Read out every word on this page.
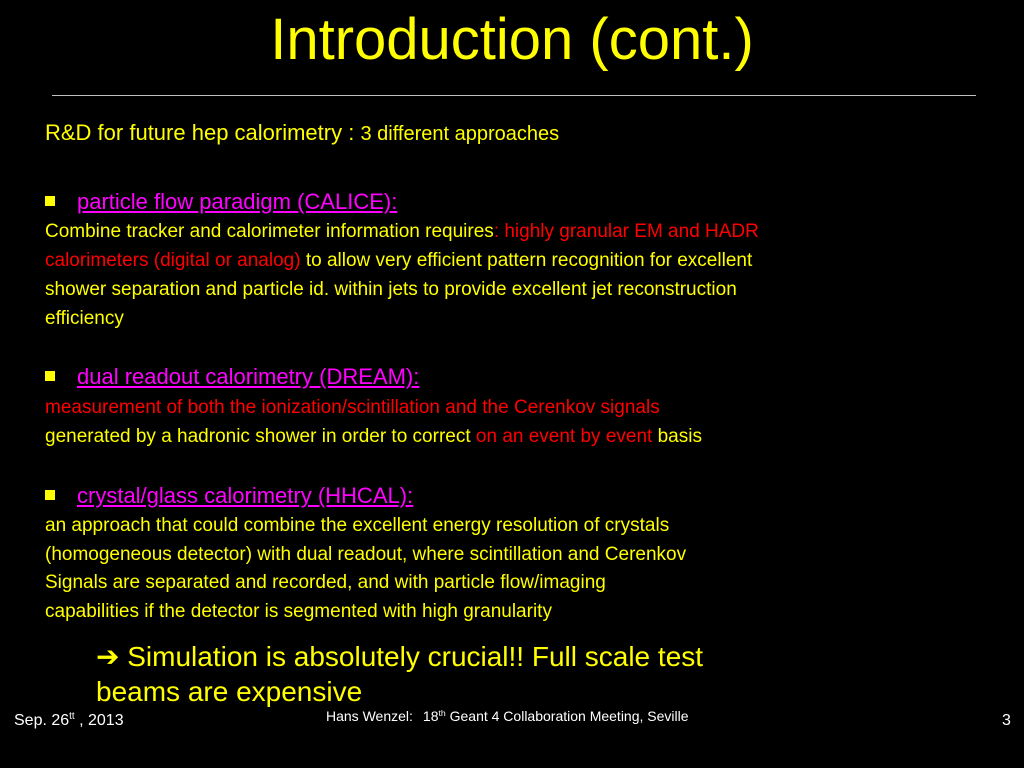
Introduction (cont.)
R&D for future hep calorimetry : 3 different approaches
particle flow paradigm (CALICE):
Combine tracker and calorimeter information requires: highly granular EM and HADR
calorimeters (digital or analog) to allow very efficient pattern recognition for excellent
shower separation and particle id. within jets to provide excellent jet reconstruction
efficiency
dual readout calorimetry (DREAM):
measurement of both the ionization/scintillation and the Cerenkov signals
generated by a hadronic shower in order to correct on an event by event basis
crystal/glass calorimetry (HHCAL):
an approach that could combine the excellent energy resolution of crystals
(homogeneous detector) with dual readout, where scintillation and Cerenkov
Signals are separated and recorded, and with particle flow/imaging
capabilities if the detector is segmented with high granularity
➔ Simulation is absolutely crucial!! Full scale test
beams are expensive
Sep. $26^{tt}$ , 2013	Hans Wenzel: 18th Geant 4 Collaboration Meeting, Seville	3
